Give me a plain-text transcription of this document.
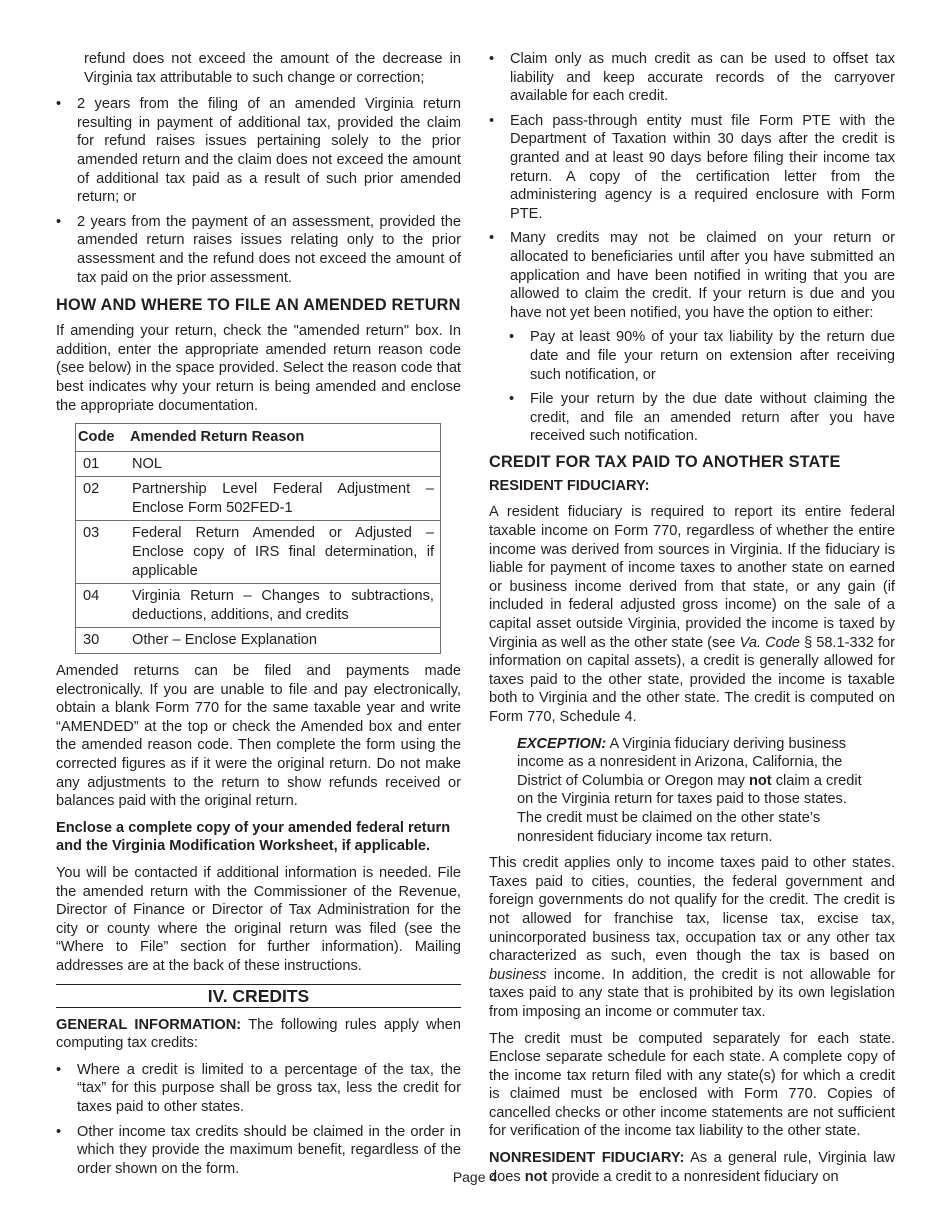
refund does not exceed the amount of the decrease in Virginia tax attributable to such change or correction;

• 2 years from the filing of an amended Virginia return resulting in payment of additional tax, provided the claim for refund raises issues pertaining solely to the prior amended return and the claim does not exceed the amount of additional tax paid as a result of such prior amended return; or
• 2 years from the payment of an assessment, provided the amended return raises issues relating only to the prior assessment and the refund does not exceed the amount of tax paid on the prior assessment.
HOW AND WHERE TO FILE AN AMENDED RETURN

If amending your return, check the "amended return" box. In addition, enter the appropriate amended return reason code (see below) in the space provided. Select the reason code that best indicates why your return is being amended and enclose the appropriate documentation.

Code	Amended Return Reason
01	NOL
02	Partnership Level Federal Adjustment – Enclose Form 502FED-1
03	Federal Return Amended or Adjusted – Enclose copy of IRS final determination, if applicable
04	Virginia Return – Changes to subtractions, deductions, additions, and credits
30	Other – Enclose Explanation

Amended returns can be filed and payments made electronically. If you are unable to file and pay electronically, obtain a blank Form 770 for the same taxable year and write “AMENDED” at the top or check the Amended box and enter the amended reason code. Then complete the form using the corrected figures as if it were the original return. Do not make any adjustments to the return to show refunds received or balances paid with the original return.

Enclose a complete copy of your amended federal return and the Virginia Modification Worksheet, if applicable.

You will be contacted if additional information is needed. File the amended return with the Commissioner of the Revenue, Director of Finance or Director of Tax Administration for the city or county where the original return was filed (see the “Where to File” section for further information). Mailing addresses are at the back of these instructions.

IV. CREDITS

GENERAL INFORMATION: The following rules apply when computing tax credits:

• Where a credit is limited to a percentage of the tax, the “tax” for this purpose shall be gross tax, less the credit for taxes paid to other states.
• Other income tax credits should be claimed in the order in which they provide the maximum benefit, regardless of the order shown on the form.
• Claim only as much credit as can be used to offset tax liability and keep accurate records of the carryover available for each credit.
• Each pass-through entity must file Form PTE with the Department of Taxation within 30 days after the credit is granted and at least 90 days before filing their income tax return. A copy of the certification letter from the administering agency is a required enclosure with Form PTE.
• Many credits may not be claimed on your return or allocated to beneficiaries until after you have submitted an application and have been notified in writing that you are allowed to claim the credit. If your return is due and you have not yet been notified, you have the option to either:
• Pay at least 90% of your tax liability by the return due date and file your return on extension after receiving such notification, or
• File your return by the due date without claiming the credit, and file an amended return after you have received such notification.
CREDIT FOR TAX PAID TO ANOTHER STATE
RESIDENT FIDUCIARY:

A resident fiduciary is required to report its entire federal taxable income on Form 770, regardless of whether the entire income was derived from sources in Virginia. If the fiduciary is liable for payment of income taxes to another state on earned or business income derived from that state, or any gain (if included in federal adjusted gross income) on the sale of a capital asset outside Virginia, provided the income is taxed by Virginia as well as the other state (see Va. Code § 58.1-332 for information on capital assets), a credit is generally allowed for taxes paid to the other state, provided the income is taxable both to Virginia and the other state. The credit is computed on Form 770, Schedule 4.

EXCEPTION: A Virginia fiduciary deriving business income as a nonresident in Arizona, California, the District of Columbia or Oregon may not claim a credit on the Virginia return for taxes paid to those states. The credit must be claimed on the other state’s nonresident fiduciary income tax return.

This credit applies only to income taxes paid to other states. Taxes paid to cities, counties, the federal government and foreign governments do not qualify for the credit. The credit is not allowed for franchise tax, license tax, excise tax, unincorporated business tax, occupation tax or any other tax characterized as such, even though the tax is based on business income. In addition, the credit is not allowable for taxes paid to any state that is prohibited by its own legislation from imposing an income or commuter tax.

The credit must be computed separately for each state. Enclose separate schedule for each state. A complete copy of the income tax return filed with any state(s) for which a credit is claimed must be enclosed with Form 770. Copies of cancelled checks or other income statements are not sufficient for verification of the income tax liability to the other state.

NONRESIDENT FIDUCIARY: As a general rule, Virginia law does not provide a credit to a nonresident fiduciary on

Page 4
